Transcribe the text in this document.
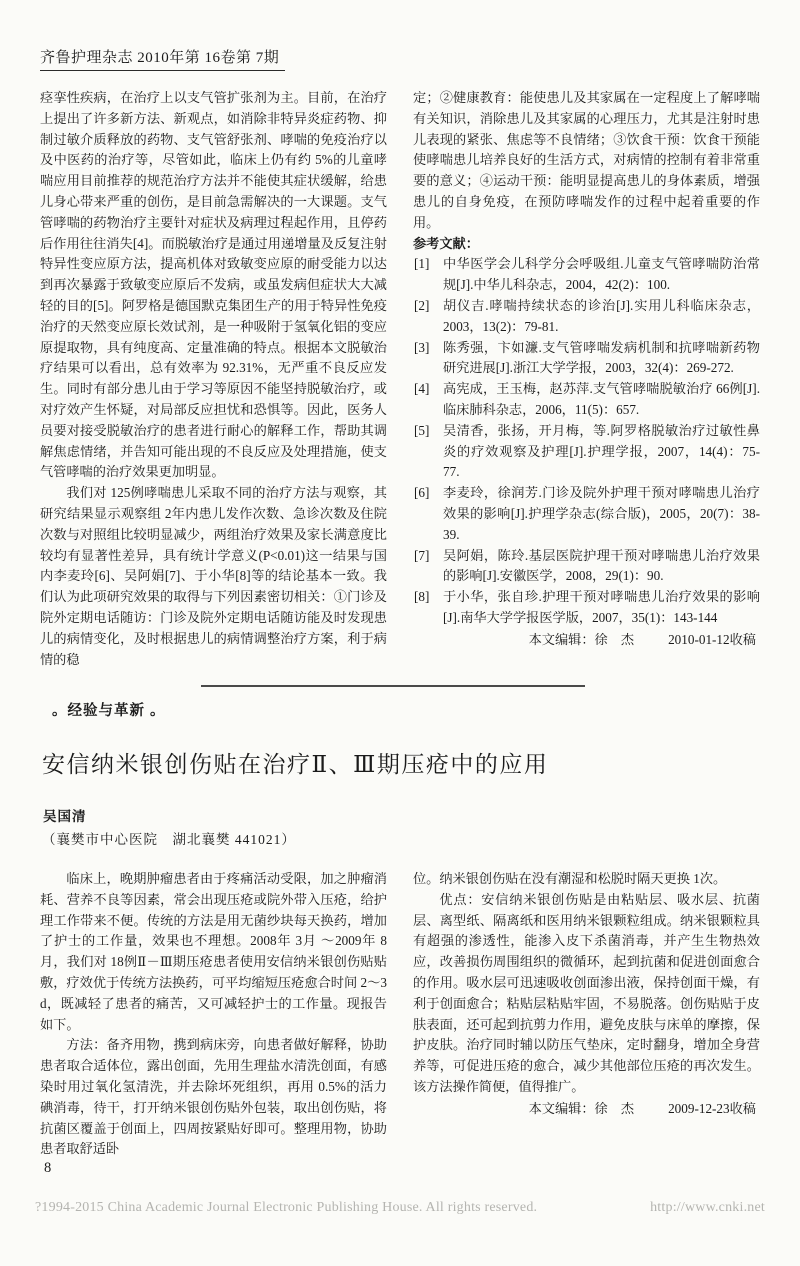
齐鲁护理杂志 2010年第 16卷第 7期

痉挛性疾病，在治疗上以支气管扩张剂为主。目前，在治疗上提出了许多新方法、新观点，如消除非特异炎症药物、抑制过敏介质释放的药物、支气管舒张剂、哮喘的免疫治疗以及中医药的治疗等，尽管如此，临床上仍有约 5%的儿童哮喘应用目前推荐的规范治疗方法并不能使其症状缓解，给患儿身心带来严重的创伤，是目前急需解决的一大课题。支气管哮喘的药物治疗主要针对症状及病理过程起作用，且停药后作用往往消失[4]。而脱敏治疗是通过用递增量及反复注射特异性变应原方法，提高机体对致敏变应原的耐受能力以达到再次暴露于致敏变应原后不发病，或虽发病但症状大大减轻的目的[5]。阿罗格是德国默克集团生产的用于特异性免疫治疗的天然变应原长效试剂，是一种吸附于氢氧化铝的变应原提取物，具有纯度高、定量准确的特点。根据本文脱敏治疗结果可以看出，总有效率为 92.31%，无严重不良反应发生。同时有部分患儿由于学习等原因不能坚持脱敏治疗，或对疗效产生怀疑，对局部反应担忧和恐惧等。因此，医务人员要对接受脱敏治疗的患者进行耐心的解释工作，帮助其调解焦虑情绪，并告知可能出现的不良反应及处理措施，使支气管哮喘的治疗效果更加明显。

我们对 125例哮喘患儿采取不同的治疗方法与观察，其研究结果显示观察组 2年内患儿发作次数、急诊次数及住院次数与对照组比较明显减少，两组治疗效果及家长满意度比较均有显著性差异，具有统计学意义(P<0.01)这一结果与国内李麦玲[6]、吴阿娟[7]、于小华[8]等的结论基本一致。我们认为此项研究效果的取得与下列因素密切相关：①门诊及院外定期电话随访：门诊及院外定期电话随访能及时发现患儿的病情变化，及时根据患儿的病情调整治疗方案，利于病情的稳

定；②健康教育：能使患儿及其家属在一定程度上了解哮喘有关知识，消除患儿及其家属的心理压力，尤其是注射时患儿表现的紧张、焦虑等不良情绪；③饮食干预：饮食干预能使哮喘患儿培养良好的生活方式，对病情的控制有着非常重要的意义；④运动干预：能明显提高患儿的身体素质，增强患儿的自身免疫，在预防哮喘发作的过程中起着重要的作用。

参考文献：

[1] 中华医学会儿科学分会呼吸组.儿童支气管哮喘防治常规[J].中华儿科杂志，2004，42(2)：100.
[2] 胡仪吉.哮喘持续状态的诊治[J].实用儿科临床杂志，2003，13(2)：79-81.
[3] 陈秀强，卞如濂.支气管哮喘发病机制和抗哮喘新药物研究进展[J].浙江大学学报，2003，32(4)：269-272.
[4] 高宪成，王玉梅，赵苏萍.支气管哮喘脱敏治疗 66例[J].临床肺科杂志，2006，11(5)：657.
[5] 吴清香，张扬，开月梅，等.阿罗格脱敏治疗过敏性鼻炎的疗效观察及护理[J].护理学报，2007，14(4)：75-77.
[6] 李麦玲，徐润芳.门诊及院外护理干预对哮喘患儿治疗效果的影响[J].护理学杂志(综合版)，2005，20(7)：38-39.
[7] 吴阿娟，陈玲.基层医院护理干预对哮喘患儿治疗效果的影响[J].安徽医学，2008，29(1)：90.
[8] 于小华，张自珍.护理干预对哮喘患儿治疗效果的影响[J].南华大学学报医学版，2007，35(1)：143-144
本文编辑：徐　杰	2010-01-12收稿
。经验与革新 。
安信纳米银创伤贴在治疗Ⅱ、Ⅲ期压疮中的应用
吴国清
（襄樊市中心医院　湖北襄樊 441021）

临床上，晚期肿瘤患者由于疼痛活动受限，加之肿瘤消耗、营养不良等因素，常会出现压疮或院外带入压疮，给护理工作带来不便。传统的方法是用无菌纱块每天换药，增加了护士的工作量，效果也不理想。2008年 3月 ～2009年 8月，我们对 18例Ⅱ－Ⅲ期压疮患者使用安信纳米银创伤贴贴敷，疗效优于传统方法换药，可平均缩短压疮愈合时间 2～3 d，既减轻了患者的痛苦，又可减轻护士的工作量。现报告如下。

方法：备齐用物，携到病床旁，向患者做好解释，协助患者取合适体位，露出创面，先用生理盐水清洗创面，有感染时用过氧化氢清洗，并去除坏死组织，再用 0.5%的活力碘消毒，待干，打开纳米银创伤贴外包装，取出创伤贴，将抗菌区覆盖于创面上，四周按紧贴好即可。整理用物，协助患者取舒适卧

位。纳米银创伤贴在没有潮湿和松脱时隔天更换 1次。

优点：安信纳米银创伤贴是由粘贴层、吸水层、抗菌层、离型纸、隔离纸和医用纳米银颗粒组成。纳米银颗粒具有超强的渗透性，能渗入皮下杀菌消毒，并产生生物热效应，改善损伤周围组织的微循环，起到抗菌和促进创面愈合的作用。吸水层可迅速吸收创面渗出液，保持创面干燥，有利于创面愈合；粘贴层粘贴牢固，不易脱落。创伤贴贴于皮肤表面，还可起到抗剪力作用，避免皮肤与床单的摩擦，保护皮肤。治疗同时辅以防压气垫床，定时翻身，增加全身营养等，可促进压疮的愈合，减少其他部位压疮的再次发生。该方法操作简便，值得推广。

本文编辑：徐　杰	2009-12-23收稿
8
?1994-2015 China Academic Journal Electronic Publishing House. All rights reserved.	http://www.cnki.net
